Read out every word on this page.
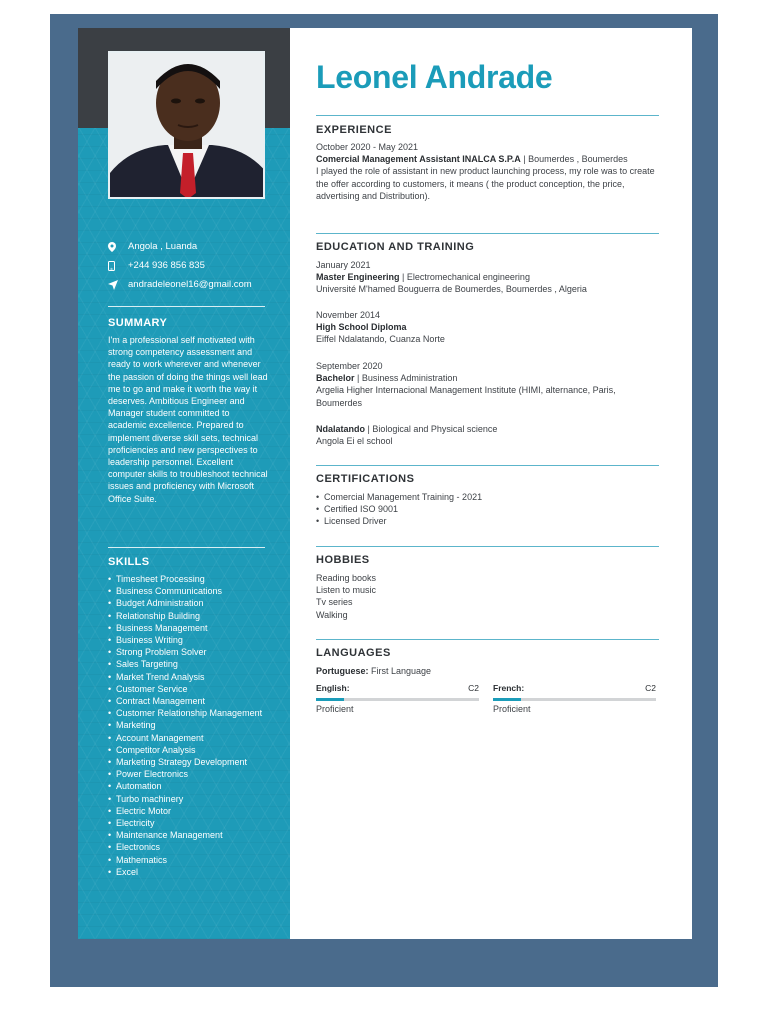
Angola , Luanda
+244 936 856 835
andradeleonel16@gmail.com
SUMMARY

I'm a professional self motivated with strong competency assessment and ready to work wherever and whenever the passion of doing the things well lead me to go and make it worth the way it deserves. Ambitious Engineer and Manager student committed to academic excellence. Prepared to implement diverse skill sets, technical proficiencies and new perspectives to leadership personnel. Excellent computer skills to troubleshoot technical issues and proficiency with Microsoft Office Suite.

SKILLS
• Timesheet Processing
• Business Communications
• Budget Administration
• Relationship Building
• Business Management
• Business Writing
• Strong Problem Solver
• Sales Targeting
• Market Trend Analysis
• Customer Service
• Contract Management
• Customer Relationship Management
• Marketing
• Account Management
• Competitor Analysis
• Marketing Strategy Development
• Power Electronics
• Automation
• Turbo machinery
• Electric Motor
• Electricity
• Maintenance Management
• Electronics
• Mathematics
• Excel
Leonel Andrade
EXPERIENCE
October 2020 - May 2021
Comercial Management Assistant INALCA S.P.A | Boumerdes , Boumerdes
I played the role of assistant in new product launching process, my role was to create the offer according to customers, it means ( the product conception, the price, advertising and Distribution).
EDUCATION AND TRAINING
January 2021
Master Engineering | Electromechanical engineering
Université M'hamed Bouguerra de Boumerdes, Boumerdes , Algeria
November 2014
High School Diploma
Eiffel Ndalatando, Cuanza Norte
September 2020
Bachelor | Business Administration
Argelia Higher Internacional Management Institute (HIMI, alternance, Paris, Boumerdes
Ndalatando | Biological and Physical science
Angola Ei el school
CERTIFICATIONS
• Comercial Management Training - 2021
• Certified ISO 9001
• Licensed Driver
HOBBIES
Reading books
Listen to music
Tv series
Walking
LANGUAGES
Portuguese: First Language
English:	C2
Proficient
French:	C2
Proficient
